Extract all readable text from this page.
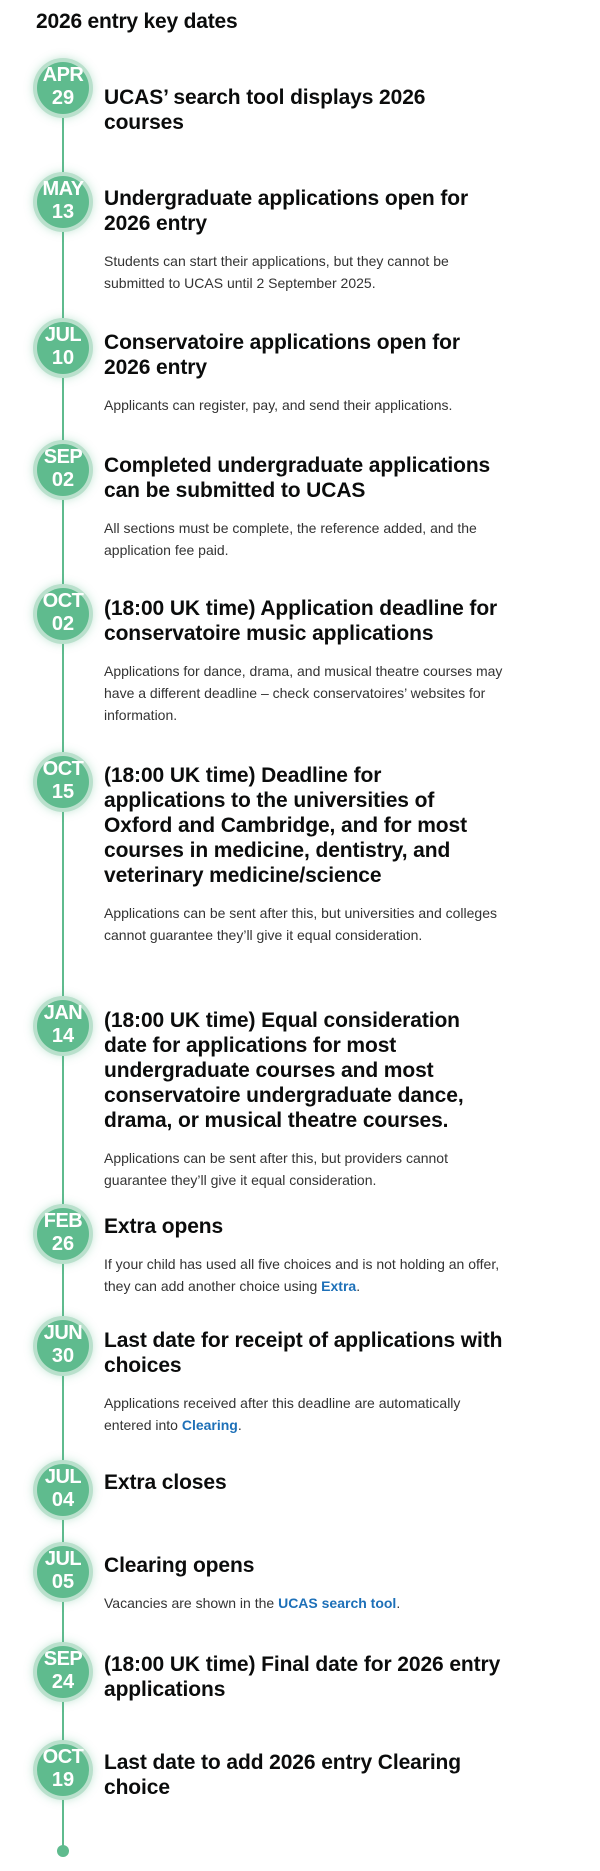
2026 entry key dates
APR
29	UCAS’ search tool displays 2026 courses
MAY
13
Undergraduate applications open for 2026 entry

Students can start their applications, but they cannot be submitted to UCAS until 2 September 2025.

JUL
10
Conservatoire applications open for 2026 entry

Applicants can register, pay, and send their applications.

SEP
02
Completed undergraduate applications can be submitted to UCAS

All sections must be complete, the reference added, and the application fee paid.

OCT
02
(18:00 UK time) Application deadline for conservatoire music applications

Applications for dance, drama, and musical theatre courses may have a different deadline – check conservatoires’ websites for information.

OCT
15
(18:00 UK time) Deadline for applications to the universities of Oxford and Cambridge, and for most courses in medicine, dentistry, and veterinary medicine/science

Applications can be sent after this, but universities and colleges cannot guarantee they’ll give it equal consideration.

JAN
14
(18:00 UK time) Equal consideration date for applications for most undergraduate courses and most conservatoire undergraduate dance, drama, or musical theatre courses.

Applications can be sent after this, but providers cannot guarantee they’ll give it equal consideration.

FEB
26
Extra opens

If your child has used all five choices and is not holding an offer, they can add another choice using Extra.

JUN
30
Last date for receipt of applications with choices

Applications received after this deadline are automatically entered into Clearing.

JUL
04
Extra closes
JUL
05
Clearing opens

Vacancies are shown in the UCAS search tool.

SEP
24
(18:00 UK time) Final date for 2026 entry applications
OCT
19
Last date to add 2026 entry Clearing choice
